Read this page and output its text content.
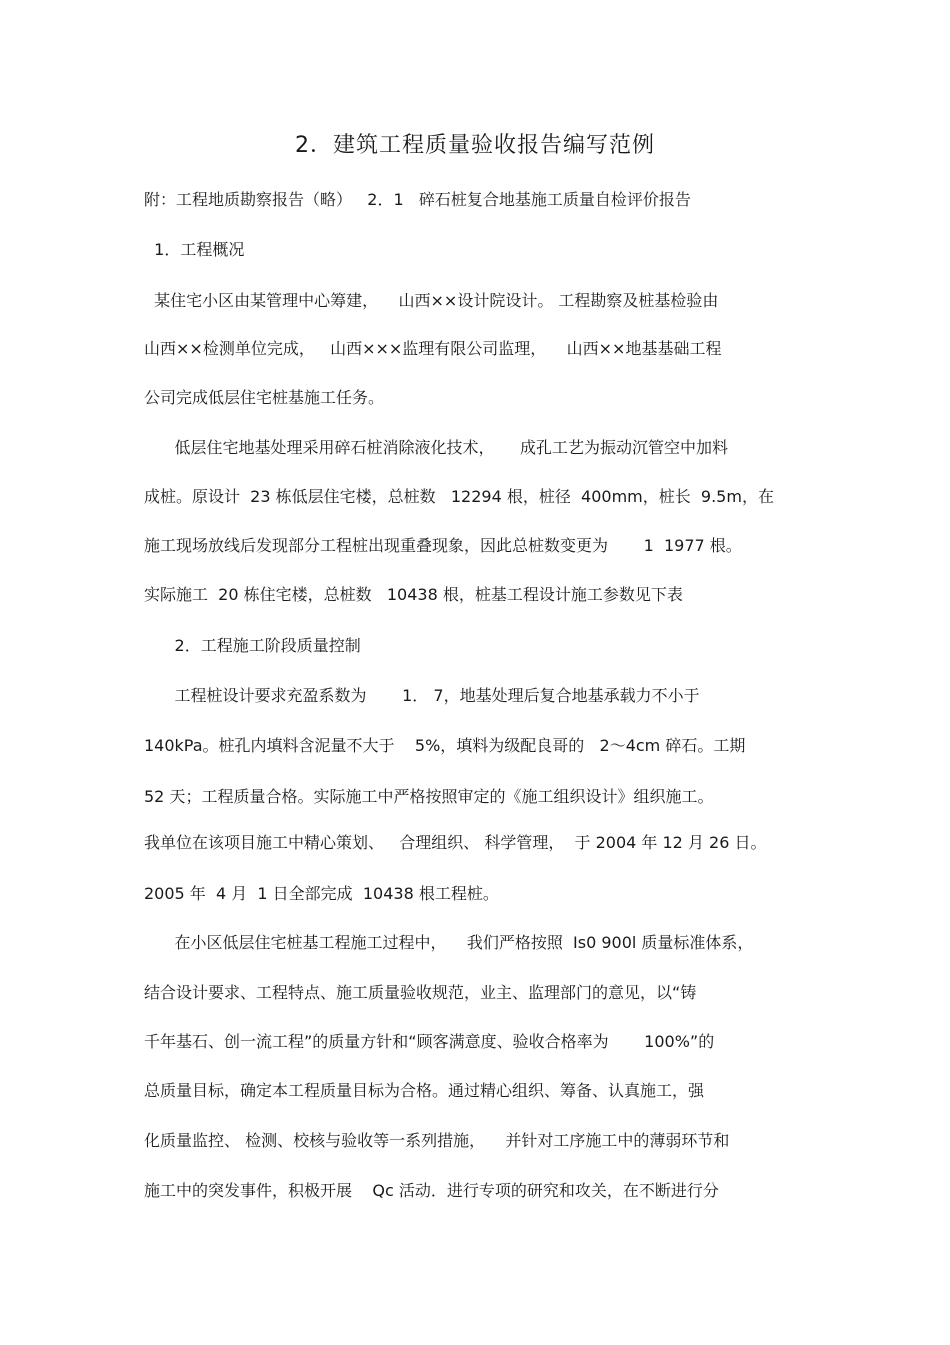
2．建筑工程质量验收报告编写范例
附：工程地质勘察报告（略）   2．1   碎石桩复合地基施工质量自检评价报告
1．工程概况
某住宅小区由某管理中心筹建，    山西××设计院设计。 工程勘察及桩基检验由
山西××检测单位完成，   山西×××监理有限公司监理，    山西××地基基础工程
公司完成低层住宅桩基施工任务。
低层住宅地基处理采用碎石桩消除液化技术，     成孔工艺为振动沉管空中加料
成桩。原设计  23 栋低层住宅楼，总桩数   12294 根，桩径  400mm，桩长  9.5m，在
施工现场放线后发现部分工程桩出现重叠现象，因此总桩数变更为       1  1977 根。
实际施工  20 栋住宅楼，总桩数   10438 根，桩基工程设计施工参数见下表
2．工程施工阶段质量控制
工程桩设计要求充盈系数为       1． 7，地基处理后复合地基承载力不小于
140kPa。桩孔内填料含泥量不大于    5%，填料为级配良哥的   2～4cm 碎石。工期
52 天；工程质量合格。实际施工中严格按照审定的《施工组织设计》组织施工。
我单位在该项目施工中精心策划、   合理组织、 科学管理，  于 2004 年 12 月 26 日。
2005 年  4 月  1 日全部完成  10438 根工程桩。
在小区低层住宅桩基工程施工过程中，    我们严格按照  Is0 900l 质量标准体系，
结合设计要求、工程特点、施工质量验收规范，业主、监理部门的意见，以“铸
千年基石、创一流工程”的质量方针和“顾客满意度、验收合格率为       100%”的
总质量目标，确定本工程质量目标为合格。通过精心组织、筹备、认真施工，强
化质量监控、 检测、校核与验收等一系列措施，    并针对工序施工中的薄弱环节和
施工中的突发事件，积极开展    Qc 活动．进行专项的研究和攻关，在不断进行分
